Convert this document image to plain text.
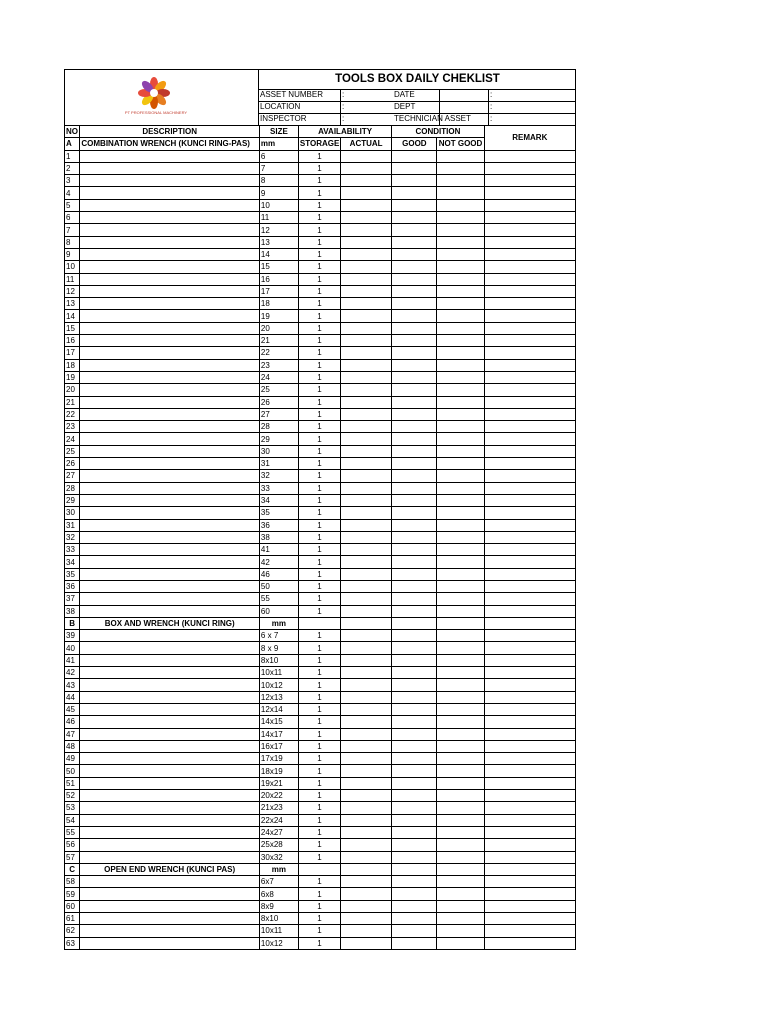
PT PROFESSIONAL MACHINERY
TOOLS BOX DAILY CHEKLIST
ASSET NUMBER	:	DATE	:
LOCATION	:	DEPT	:
INSPECTOR	:	TECHNICIAN ASSET :
NO	DESCRIPTION	SIZE	AVAILABILITY		CONDITION		REMARK
A	COMBINATION WRENCH (KUNCI RING-PAS)	mm	STORAGE	ACTUAL	GOOD	NOT GOOD	
1		6	1				
2		7	1				
3		8	1				
4		9	1				
5		10	1				
6		11	1				
7		12	1				
8		13	1				
9		14	1				
10		15	1				
11		16	1				
12		17	1				
13		18	1				
14		19	1				
15		20	1				
16		21	1				
17		22	1				
18		23	1				
19		24	1				
20		25	1				
21		26	1				
22		27	1				
23		28	1				
24		29	1				
25		30	1				
26		31	1				
27		32	1				
28		33	1				
29		34	1				
30		35	1				
31		36	1				
32		38	1				
33		41	1				
34		42	1				
35		46	1				
36		50	1				
37		55	1				
38		60	1				
B	BOX AND WRENCH (KUNCI RING)	mm					
39		6 x 7	1				
40		8 x 9	1				
41		8x10	1				
42		10x11	1				
43		10x12	1				
44		12x13	1				
45		12x14	1				
46		14x15	1				
47		14x17	1				
48		16x17	1				
49		17x19	1				
50		18x19	1				
51		19x21	1				
52		20x22	1				
53		21x23	1				
54		22x24	1				
55		24x27	1				
56		25x28	1				
57		30x32	1				
C	OPEN END WRENCH (KUNCI PAS)	mm					
58		6x7	1				
59		6x8	1				
60		8x9	1				
61		8x10	1				
62		10x11	1				
63		10x12	1				
